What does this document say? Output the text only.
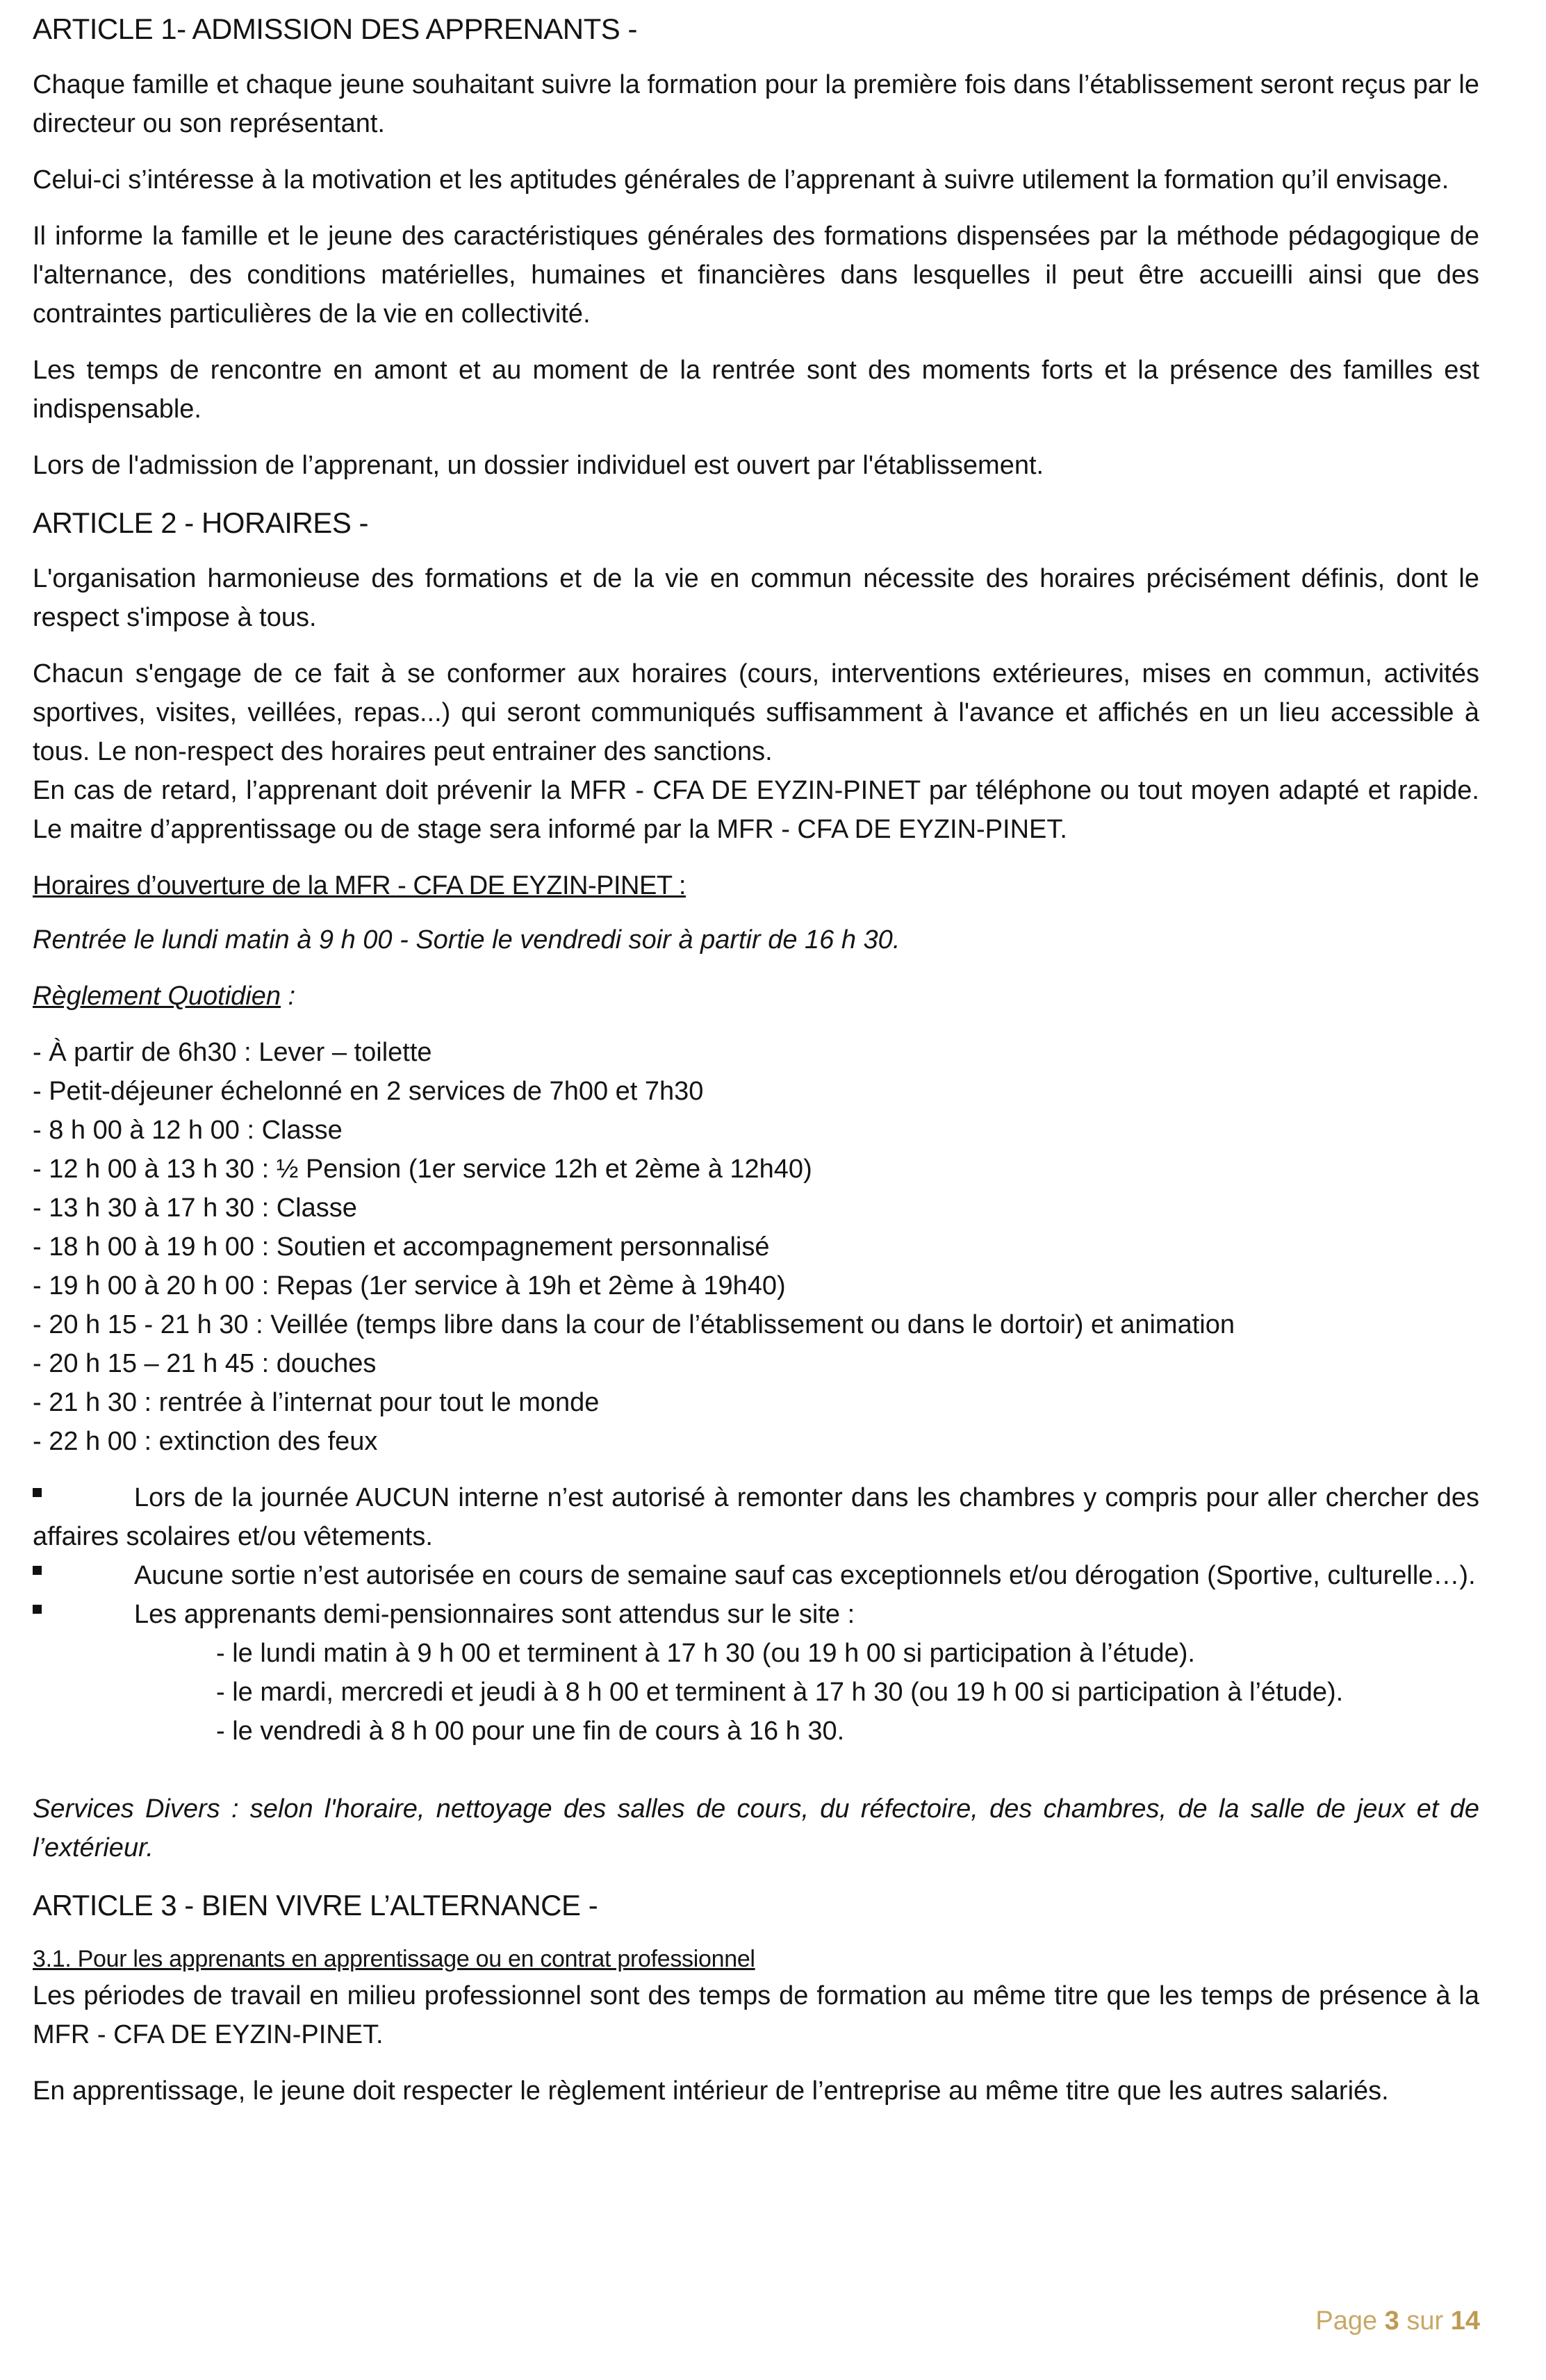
ARTICLE 1- ADMISSION DES APPRENANTS -

Chaque famille et chaque jeune souhaitant suivre la formation pour la première fois dans l’établissement seront reçus par le directeur ou son représentant.

Celui-ci s’intéresse à la motivation et les aptitudes générales de l’apprenant à suivre utilement la formation qu’il envisage.

Il informe la famille et le jeune des caractéristiques générales des formations dispensées par la méthode pédagogique de l'alternance, des conditions matérielles, humaines et financières dans lesquelles il peut être accueilli ainsi que des contraintes particulières de la vie en collectivité.

Les temps de rencontre en amont et au moment de la rentrée sont des moments forts et la présence des familles est indispensable.

Lors de l'admission de l’apprenant, un dossier individuel est ouvert par l'établissement.

ARTICLE 2 - HORAIRES -

L'organisation harmonieuse des formations et de la vie en commun nécessite des horaires précisément définis, dont le respect s'impose à tous.

Chacun s'engage de ce fait à se conformer aux horaires (cours, interventions extérieures, mises en commun, activités sportives, visites, veillées, repas...) qui seront communiqués suffisamment à l'avance et affichés en un lieu accessible à tous. Le non-respect des horaires peut entrainer des sanctions.

En cas de retard, l’apprenant doit prévenir la MFR - CFA DE EYZIN-PINET par téléphone ou tout moyen adapté et rapide. Le maitre d’apprentissage ou de stage sera informé par la MFR - CFA DE EYZIN-PINET.

Horaires d’ouverture de la MFR - CFA DE EYZIN-PINET :

Rentrée le lundi matin à 9 h 00 - Sortie le vendredi soir à partir de 16 h 30.

Règlement Quotidien :

- À partir de 6h30 : Lever – toilette
- Petit-déjeuner échelonné en 2 services de 7h00 et 7h30
- 8 h 00 à 12 h 00 : Classe
- 12 h 00 à 13 h 30 : ½ Pension (1er service 12h et 2ème à 12h40)
- 13 h 30 à 17 h 30 : Classe
- 18 h 00 à 19 h 00 : Soutien et accompagnement personnalisé
- 19 h 00 à 20 h 00 : Repas (1er service à 19h et 2ème à 19h40)
- 20 h 15 - 21 h 30 : Veillée (temps libre dans la cour de l’établissement ou dans le dortoir) et animation
- 20 h 15 – 21 h 45 : douches
- 21 h 30 : rentrée à l’internat pour tout le monde
- 22 h 00 : extinction des feux
Lors de la journée AUCUN interne n’est autorisé à remonter dans les chambres y compris pour aller chercher des affaires scolaires et/ou vêtements.
Aucune sortie n’est autorisée en cours de semaine sauf cas exceptionnels et/ou dérogation (Sportive, culturelle…).
Les apprenants demi-pensionnaires sont attendus sur le site :
- le lundi matin à 9 h 00 et terminent à 17 h 30 (ou 19 h 00 si participation à l’étude).
- le mardi, mercredi et jeudi à 8 h 00 et terminent à 17 h 30 (ou 19 h 00 si participation à l’étude).
- le vendredi à 8 h 00 pour une fin de cours à 16 h 30.

Services Divers : selon l'horaire, nettoyage des salles de cours, du réfectoire, des chambres, de la salle de jeux et de l’extérieur.

ARTICLE 3 - BIEN VIVRE L’ALTERNANCE -
3.1. Pour les apprenants en apprentissage ou en contrat professionnel

Les périodes de travail en milieu professionnel sont des temps de formation au même titre que les temps de présence à la MFR - CFA DE EYZIN-PINET.

En apprentissage, le jeune doit respecter le règlement intérieur de l’entreprise au même titre que les autres salariés.

Page 3 sur 14
